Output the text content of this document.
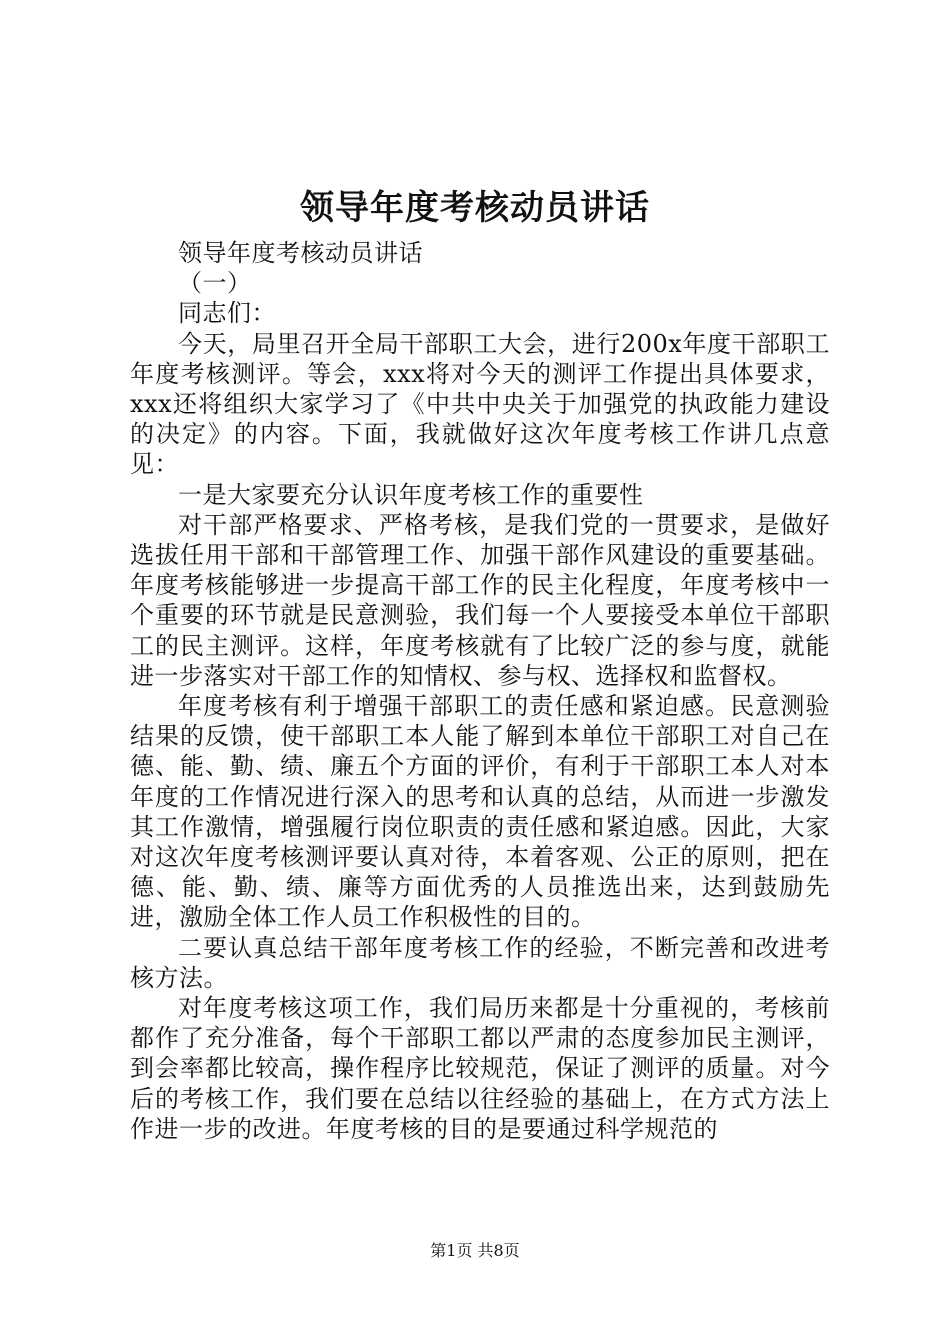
领导年度考核动员讲话

领导年度考核动员讲话

（一）

同志们：

今天，局里召开全局干部职工大会，进行200x年度干部职工年度考核测评。等会，xxx将对今天的测评工作提出具体要求，xxx还将组织大家学习了《中共中央关于加强党的执政能力建设的决定》的内容。下面，我就做好这次年度考核工作讲几点意见：

一是大家要充分认识年度考核工作的重要性

对干部严格要求、严格考核，是我们党的一贯要求，是做好选拔任用干部和干部管理工作、加强干部作风建设的重要基础。年度考核能够进一步提高干部工作的民主化程度，年度考核中一个重要的环节就是民意测验，我们每一个人要接受本单位干部职工的民主测评。这样，年度考核就有了比较广泛的参与度，就能进一步落实对干部工作的知情权、参与权、选择权和监督权。

年度考核有利于增强干部职工的责任感和紧迫感。民意测验结果的反馈，使干部职工本人能了解到本单位干部职工对自己在德、能、勤、绩、廉五个方面的评价，有利于干部职工本人对本年度的工作情况进行深入的思考和认真的总结，从而进一步激发其工作激情，增强履行岗位职责的责任感和紧迫感。因此，大家对这次年度考核测评要认真对待，本着客观、公正的原则，把在德、能、勤、绩、廉等方面优秀的人员推选出来，达到鼓励先进，激励全体工作人员工作积极性的目的。

二要认真总结干部年度考核工作的经验，不断完善和改进考核方法。

对年度考核这项工作，我们局历来都是十分重视的，考核前都作了充分准备，每个干部职工都以严肃的态度参加民主测评，到会率都比较高，操作程序比较规范，保证了测评的质量。对今后的考核工作，我们要在总结以往经验的基础上，在方式方法上作进一步的改进。年度考核的目的是要通过科学规范的

第1页 共8页
